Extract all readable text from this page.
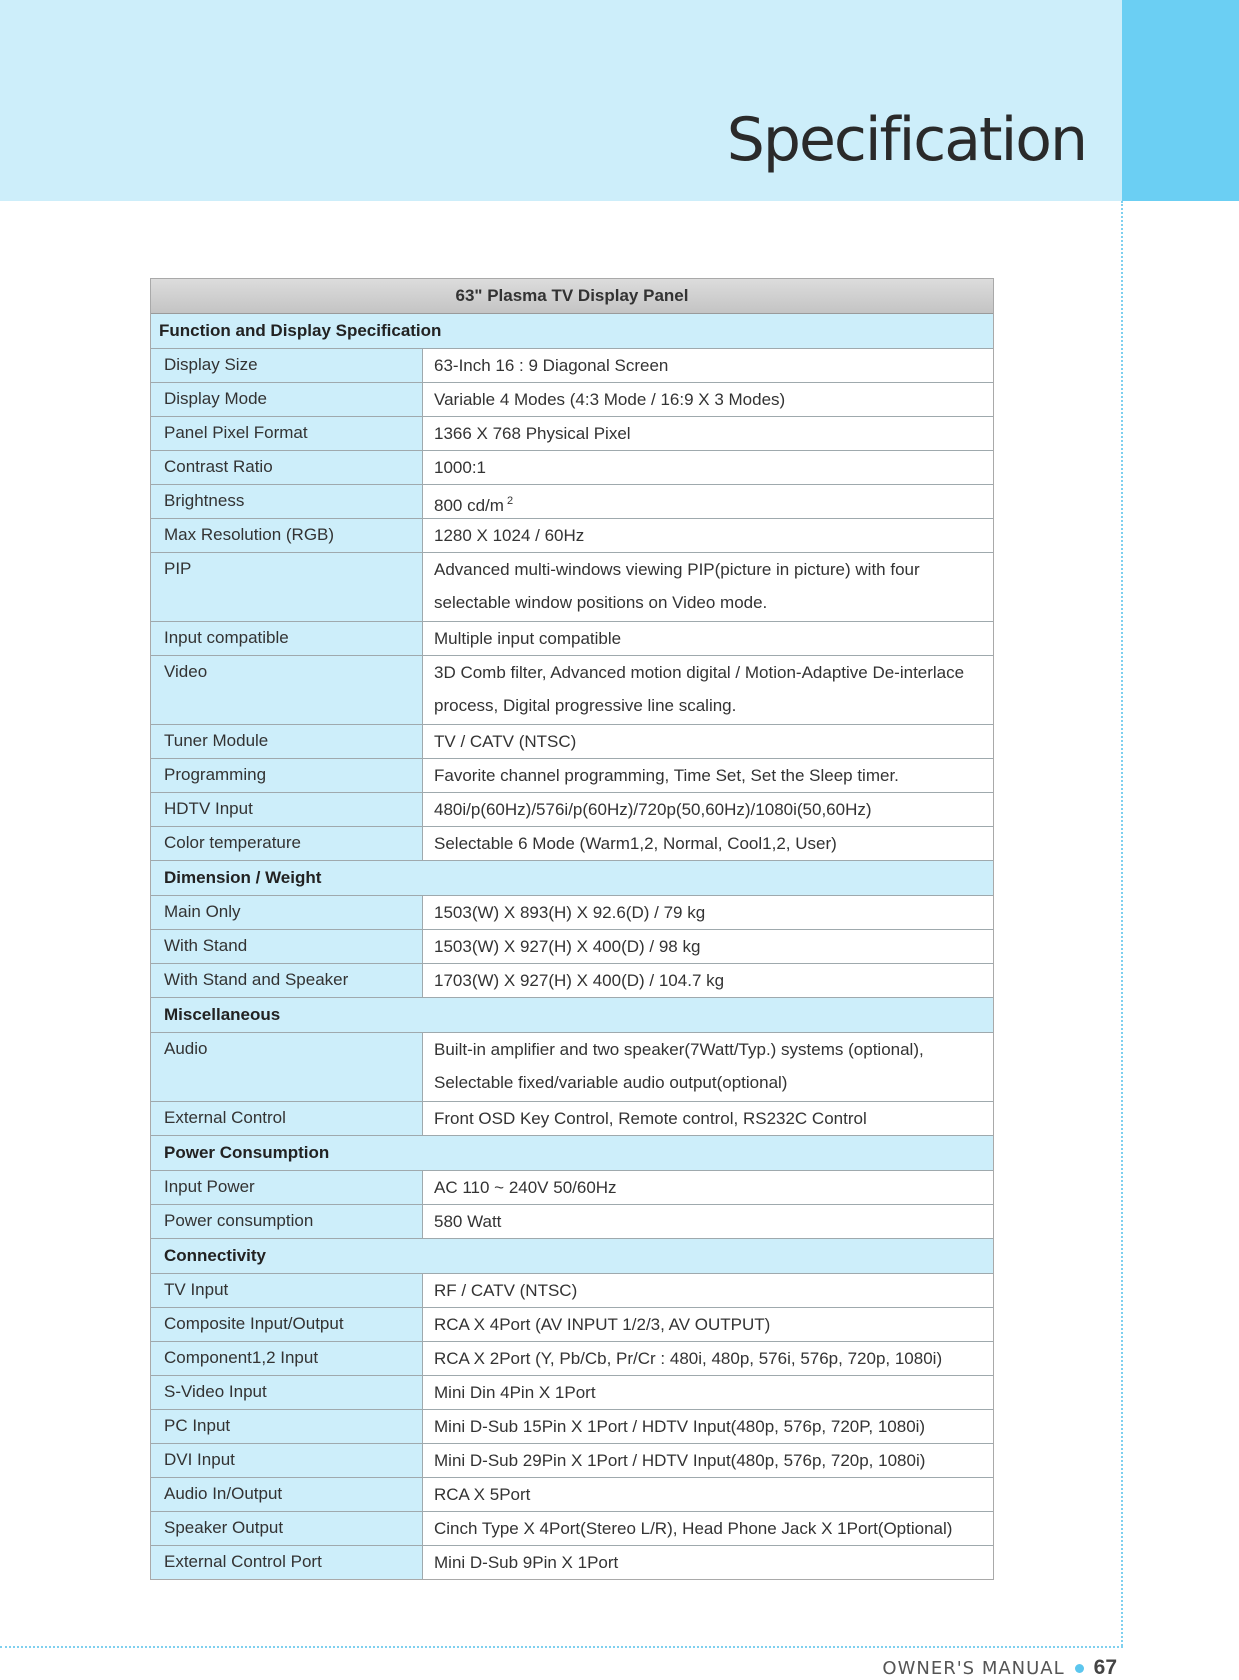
Specification
63" Plasma TV Display Panel
Function and Display Specification
Display Size	63-Inch 16 : 9 Diagonal Screen
Display Mode	Variable 4 Modes (4:3 Mode / 16:9 X 3 Modes)
Panel Pixel Format	1366 X 768 Physical Pixel
Contrast Ratio	1000:1
Brightness	800 cd/m $^2$
Max Resolution (RGB)	1280 X 1024 / 60Hz
PIP	Advanced multi-windows viewing PIP(picture in picture) with four
selectable window positions on Video mode.
Input compatible	Multiple input compatible
Video	3D Comb filter, Advanced motion digital / Motion-Adaptive De-interlace
process, Digital progressive line scaling.
Tuner Module	TV / CATV (NTSC)
Programming	Favorite channel programming, Time Set, Set the Sleep timer.
HDTV Input	480i/p(60Hz)/576i/p(60Hz)/720p(50,60Hz)/1080i(50,60Hz)
Color temperature	Selectable 6 Mode (Warm1,2, Normal, Cool1,2, User)
Dimension / Weight
Main Only	1503(W) X 893(H) X 92.6(D) / 79 kg
With Stand	1503(W) X 927(H) X 400(D) / 98 kg
With Stand and Speaker	1703(W) X 927(H) X 400(D) / 104.7 kg
Miscellaneous
Audio	Built-in amplifier and two speaker(7Watt/Typ.) systems (optional),
Selectable fixed/variable audio output(optional)
External Control	Front OSD Key Control, Remote control, RS232C Control
Power Consumption
Input Power	AC 110 ~ 240V 50/60Hz
Power consumption	580 Watt
Connectivity
TV Input	RF / CATV (NTSC)
Composite Input/Output	RCA X 4Port (AV INPUT 1/2/3, AV OUTPUT)
Component1,2 Input	RCA X 2Port (Y, Pb/Cb, Pr/Cr : 480i, 480p, 576i, 576p, 720p, 1080i)
S-Video Input	Mini Din 4Pin X 1Port
PC Input	Mini D-Sub 15Pin X 1Port / HDTV Input(480p, 576p, 720P, 1080i)
DVI Input	Mini D-Sub 29Pin X 1Port / HDTV Input(480p, 576p, 720p, 1080i)
Audio In/Output	RCA X 5Port
Speaker Output	Cinch Type X 4Port(Stereo L/R), Head Phone Jack X 1Port(Optional)
External Control Port	Mini D-Sub 9Pin X 1Port
OWNER'S MANUAL 67
